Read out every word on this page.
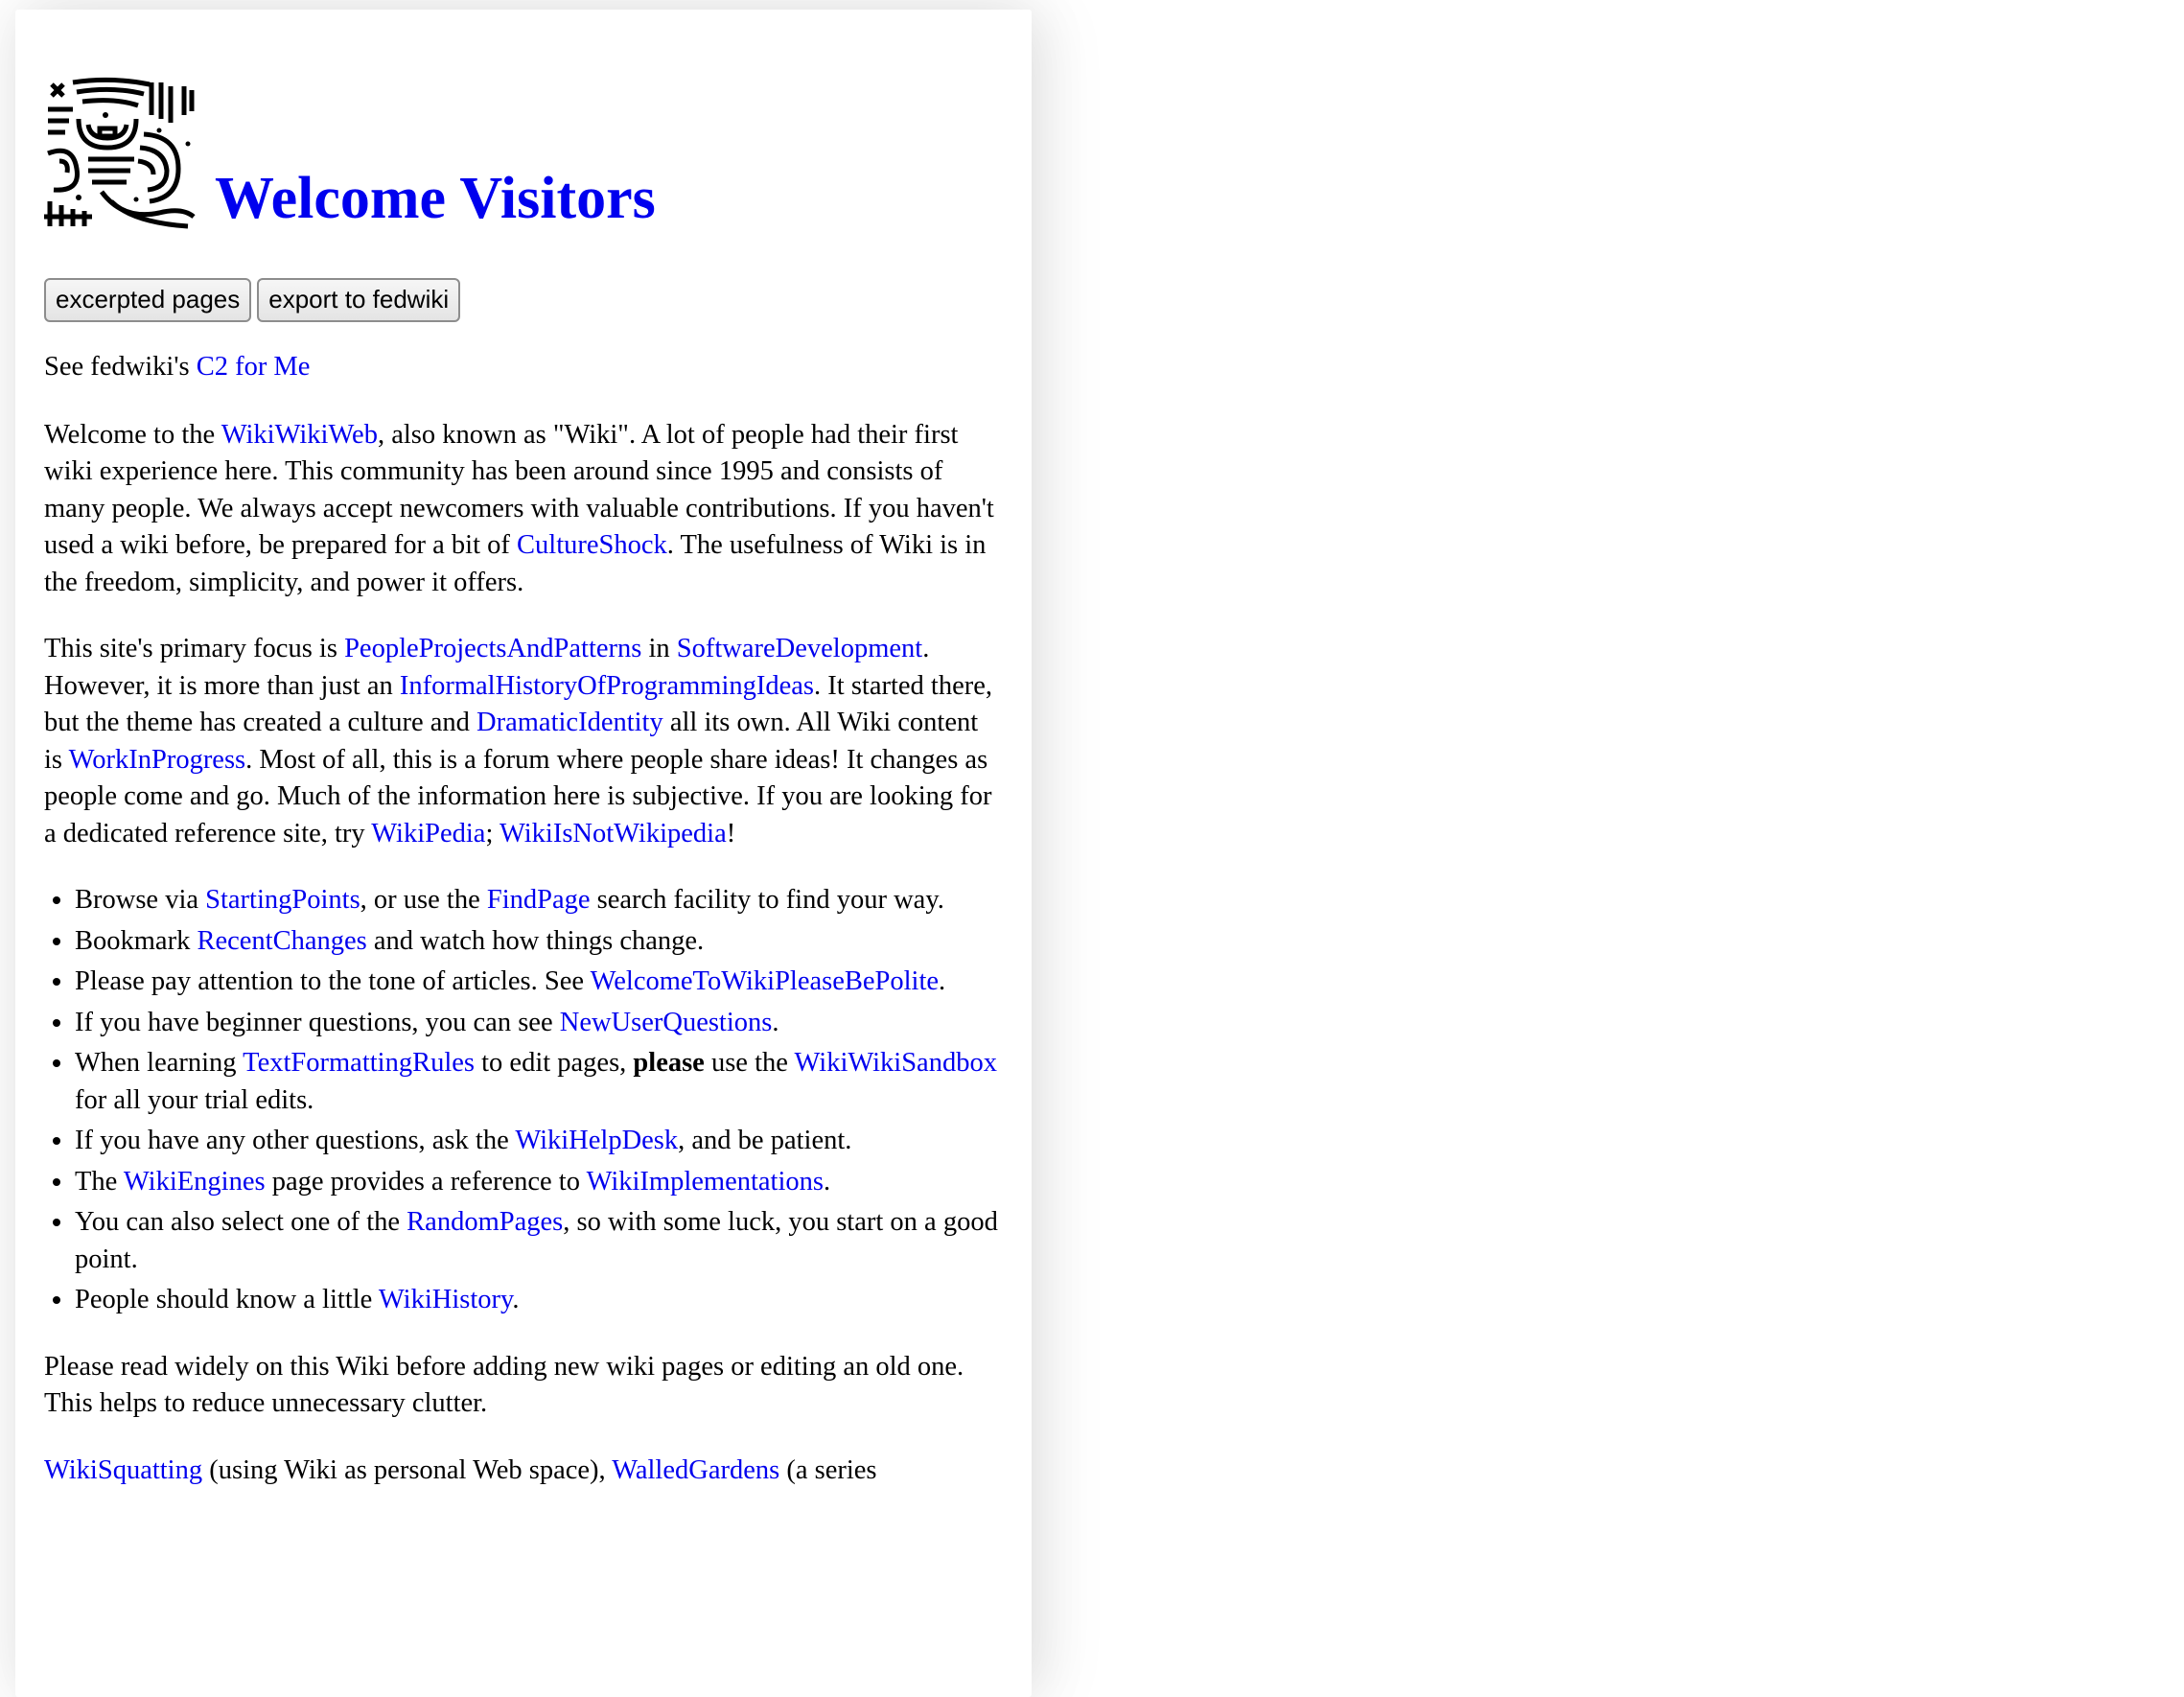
Welcome Visitors
excerpted pages	export to fedwiki

See fedwiki's C2 for Me

Welcome to the WikiWikiWeb, also known as "Wiki". A lot of people had their first wiki experience here. This community has been around since 1995 and consists of many people. We always accept newcomers with valuable contributions. If you haven't used a wiki before, be prepared for a bit of CultureShock. The usefulness of Wiki is in the freedom, simplicity, and power it offers.

This site's primary focus is PeopleProjectsAndPatterns in SoftwareDevelopment. However, it is more than just an InformalHistoryOfProgrammingIdeas. It started there, but the theme has created a culture and DramaticIdentity all its own. All Wiki content is WorkInProgress. Most of all, this is a forum where people share ideas! It changes as people come and go. Much of the information here is subjective. If you are looking for a dedicated reference site, try WikiPedia; WikiIsNotWikipedia!

• Browse via StartingPoints, or use the FindPage search facility to find your way.
• Bookmark RecentChanges and watch how things change.
• Please pay attention to the tone of articles. See WelcomeToWikiPleaseBePolite.
• If you have beginner questions, you can see NewUserQuestions.
• When learning TextFormattingRules to edit pages, please use the WikiWikiSandbox for all your trial edits.
• If you have any other questions, ask the WikiHelpDesk, and be patient.
• The WikiEngines page provides a reference to WikiImplementations.
• You can also select one of the RandomPages, so with some luck, you start on a good point.
• People should know a little WikiHistory.

Please read widely on this Wiki before adding new wiki pages or editing an old one. This helps to reduce unnecessary clutter.

WikiSquatting (using Wiki as personal Web space), WalledGardens (a series
